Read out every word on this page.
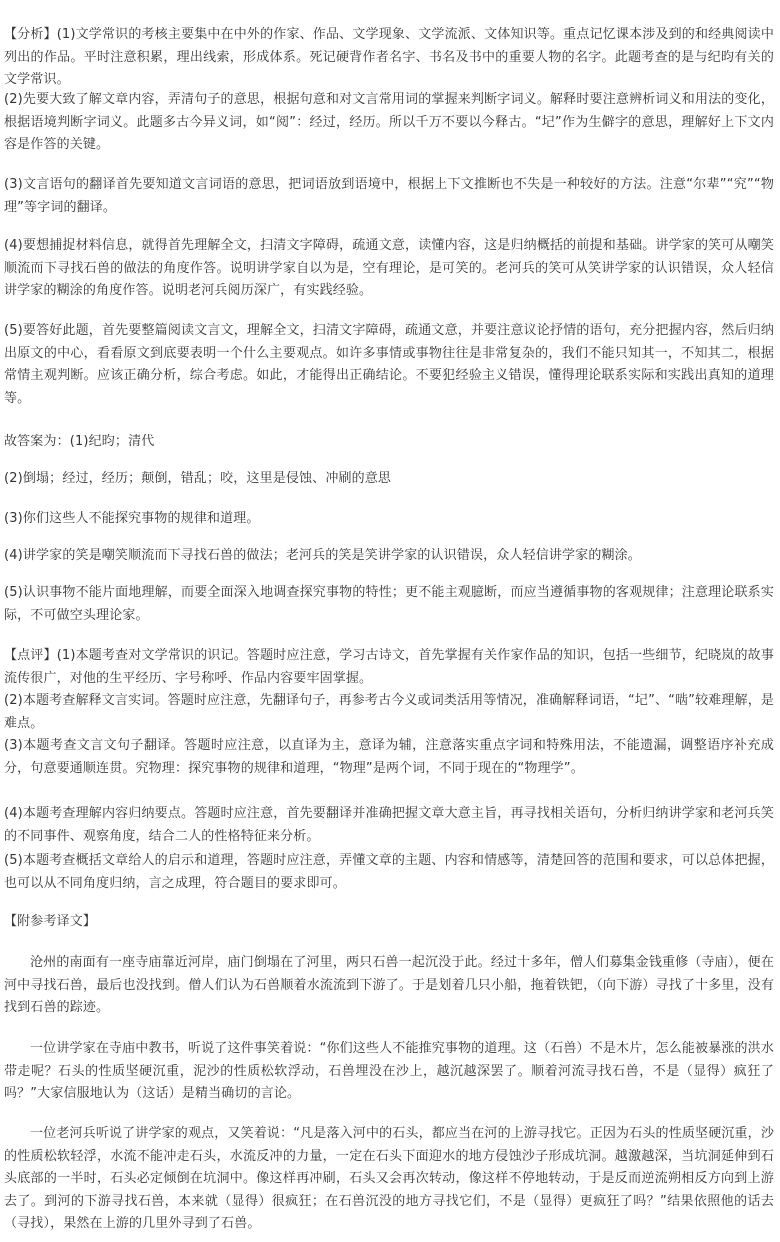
【分析】(1)文学常识的考核主要集中在中外的作家、作品、文学现象、文学流派、文体知识等。重点记忆课本涉及到的和经典阅读中列出的作品。平时注意积累，理出线索，形成体系。死记硬背作者名字、书名及书中的重要人物的名字。此题考查的是与纪昀有关的文学常识。

(2)先要大致了解文章内容，弄清句子的意思，根据句意和对文言常用词的掌握来判断字词义。解释时要注意辨析词义和用法的变化，根据语境判断字词义。此题多古今异义词，如“阅”：经过，经历。所以千万不要以今释古。“圮”作为生僻字的意思，理解好上下文内容是作答的关键。

(3)文言语句的翻译首先要知道文言词语的意思，把词语放到语境中，根据上下文推断也不失是一种较好的方法。注意“尔辈”“究”“物理”等字词的翻译。

(4)要想捕捉材料信息，就得首先理解全文，扫清文字障碍，疏通文意，读懂内容，这是归纳概括的前提和基础。讲学家的笑可从嘲笑顺流而下寻找石兽的做法的角度作答。说明讲学家自以为是，空有理论，是可笑的。老河兵的笑可从笑讲学家的认识错误，众人轻信讲学家的糊涂的角度作答。说明老河兵阅历深广，有实践经验。

(5)要答好此题，首先要整篇阅读文言文，理解全文，扫清文字障碍，疏通文意，并要注意议论抒情的语句，充分把握内容，然后归纳出原文的中心，看看原文到底要表明一个什么主要观点。如许多事情或事物往往是非常复杂的，我们不能只知其一，不知其二，根据常情主观判断。应该正确分析，综合考虑。如此，才能得出正确结论。不要犯经验主义错误，懂得理论联系实际和实践出真知的道理等。

故答案为：(1)纪昀；清代

(2)倒塌；经过，经历；颠倒，错乱；咬，这里是侵蚀、冲刷的意思

(3)你们这些人不能探究事物的规律和道理。

(4)讲学家的笑是嘲笑顺流而下寻找石兽的做法；老河兵的笑是笑讲学家的认识错误，众人轻信讲学家的糊涂。

(5)认识事物不能片面地理解，而要全面深入地调查探究事物的特性；更不能主观臆断，而应当遵循事物的客观规律；注意理论联系实际，不可做空头理论家。

【点评】(1)本题考查对文学常识的识记。答题时应注意，学习古诗文，首先掌握有关作家作品的知识，包括一些细节，纪晓岚的故事流传很广，对他的生平经历、字号称呼、作品内容要牢固掌握。

(2)本题考查解释文言实词。答题时应注意，先翻译句子，再参考古今义或词类活用等情况，准确解释词语，“圮”、“啮”较难理解，是难点。

(3)本题考查文言文句子翻译。答题时应注意，以直译为主，意译为辅，注意落实重点字词和特殊用法，不能遗漏，调整语序补充成分，句意要通顺连贯。究物理：探究事物的规律和道理，“物理”是两个词，不同于现在的“物理学”。

(4)本题考查理解内容归纳要点。答题时应注意，首先要翻译并准确把握文章大意主旨，再寻找相关语句，分析归纳讲学家和老河兵笑的不同事件、观察角度，结合二人的性格特征来分析。

(5)本题考查概括文章给人的启示和道理，答题时应注意，弄懂文章的主题、内容和情感等，清楚回答的范围和要求，可以总体把握，也可以从不同角度归纳，言之成理，符合题目的要求即可。

【附参考译文】

沧州的南面有一座寺庙靠近河岸，庙门倒塌在了河里，两只石兽一起沉没于此。经过十多年，僧人们募集金钱重修（寺庙），便在河中寻找石兽，最后也没找到。僧人们认为石兽顺着水流流到下游了。于是划着几只小船，拖着铁钯，（向下游）寻找了十多里，没有找到石兽的踪迹。

一位讲学家在寺庙中教书，听说了这件事笑着说：“你们这些人不能推究事物的道理。这（石兽）不是木片，怎么能被暴涨的洪水带走呢？石头的性质坚硬沉重，泥沙的性质松软浮动，石兽埋没在沙上，越沉越深罢了。顺着河流寻找石兽，不是（显得）疯狂了吗？”大家信服地认为（这话）是精当确切的言论。

一位老河兵听说了讲学家的观点，又笑着说：“凡是落入河中的石头，都应当在河的上游寻找它。正因为石头的性质坚硬沉重，沙的性质松软轻浮，水流不能冲走石头，水流反冲的力量，一定在石头下面迎水的地方侵蚀沙子形成坑洞。越激越深，当坑洞延伸到石头底部的一半时，石头必定倾倒在坑洞中。像这样再冲刷，石头又会再次转动，像这样不停地转动，于是反而逆流朔相反方向到上游去了。到河的下游寻找石兽，本来就（显得）很疯狂；在石兽沉没的地方寻找它们，不是（显得）更疯狂了吗？”结果依照他的话去（寻找），果然在上游的几里外寻到了石兽。
